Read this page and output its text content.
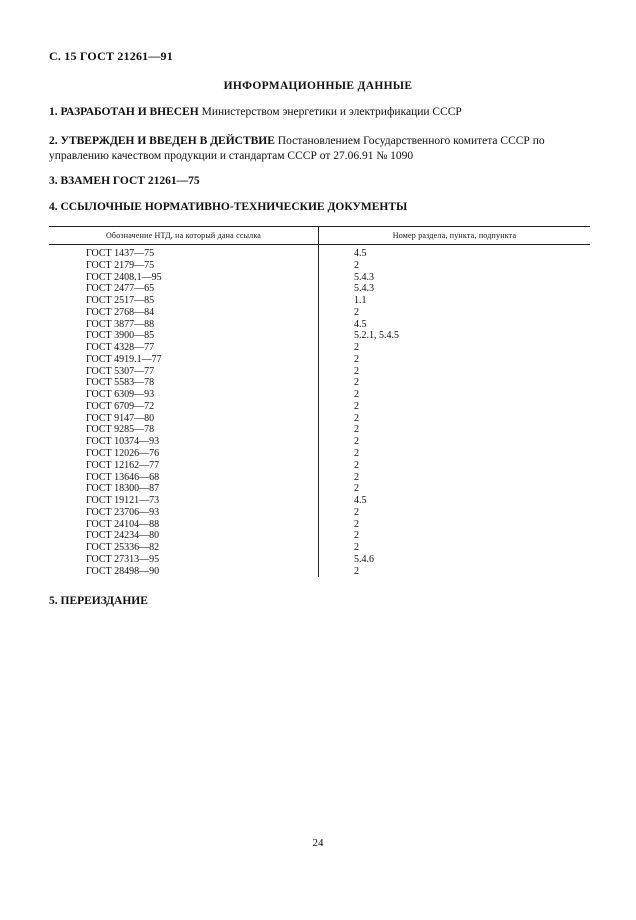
С. 15 ГОСТ 21261—91
ИНФОРМАЦИОННЫЕ ДАННЫЕ
1. РАЗРАБОТАН И ВНЕСЕН Министерством энергетики и электрификации СССР
2. УТВЕРЖДЕН И ВВЕДЕН В ДЕЙСТВИЕ Постановлением Государственного комитета СССР по управлению качеством продукции и стандартам СССР от 27.06.91 № 1090
3. ВЗАМЕН ГОСТ 21261—75
4. ССЫЛОЧНЫЕ НОРМАТИВНО-ТЕХНИЧЕСКИЕ ДОКУМЕНТЫ
Обозначение НТД, на который дана ссылка	Номер раздела, пункта, подпункта
ГОСТ 1437—75	4.5
ГОСТ 2179—75	2
ГОСТ 2408.1—95	5.4.3
ГОСТ 2477—65	5.4.3
ГОСТ 2517—85	1.1
ГОСТ 2768—84	2
ГОСТ 3877—88	4.5
ГОСТ 3900—85	5.2.1, 5.4.5
ГОСТ 4328—77	2
ГОСТ 4919.1—77	2
ГОСТ 5307—77	2
ГОСТ 5583—78	2
ГОСТ 6309—93	2
ГОСТ 6709—72	2
ГОСТ 9147—80	2
ГОСТ 9285—78	2
ГОСТ 10374—93	2
ГОСТ 12026—76	2
ГОСТ 12162—77	2
ГОСТ 13646—68	2
ГОСТ 18300—87	2
ГОСТ 19121—73	4.5
ГОСТ 23706—93	2
ГОСТ 24104—88	2
ГОСТ 24234—80	2
ГОСТ 25336—82	2
ГОСТ 27313—95	5.4.6
ГОСТ 28498—90	2
5. ПЕРЕИЗДАНИЕ
24
